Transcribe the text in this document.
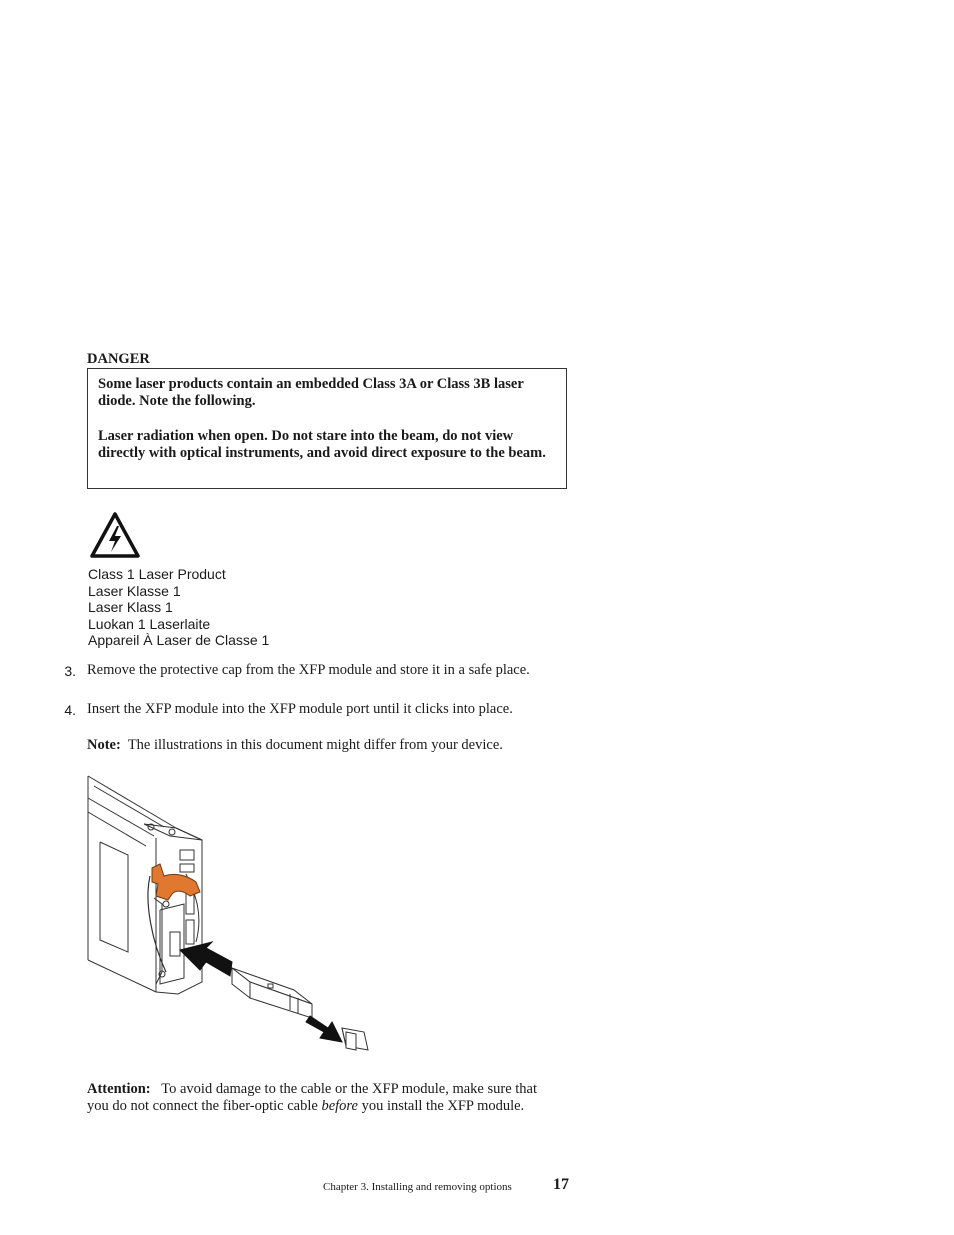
DANGER

Some laser products contain an embedded Class 3A or Class 3B laser diode. Note the following.

Laser radiation when open. Do not stare into the beam, do not view directly with optical instruments, and avoid direct exposure to the beam.

Class 1 Laser Product
Laser Klasse 1
Laser Klass 1
Luokan 1 Laserlaite
Appareil À Laser de Classe 1
3. Remove the protective cap from the XFP module and store it in a safe place.
4. Insert the XFP module into the XFP module port until it clicks into place.
Note: The illustrations in this document might differ from your device.
Attention: To avoid damage to the cable or the XFP module, make sure that you do not connect the fiber-optic cable before you install the XFP module.
Chapter 3. Installing and removing options	17
